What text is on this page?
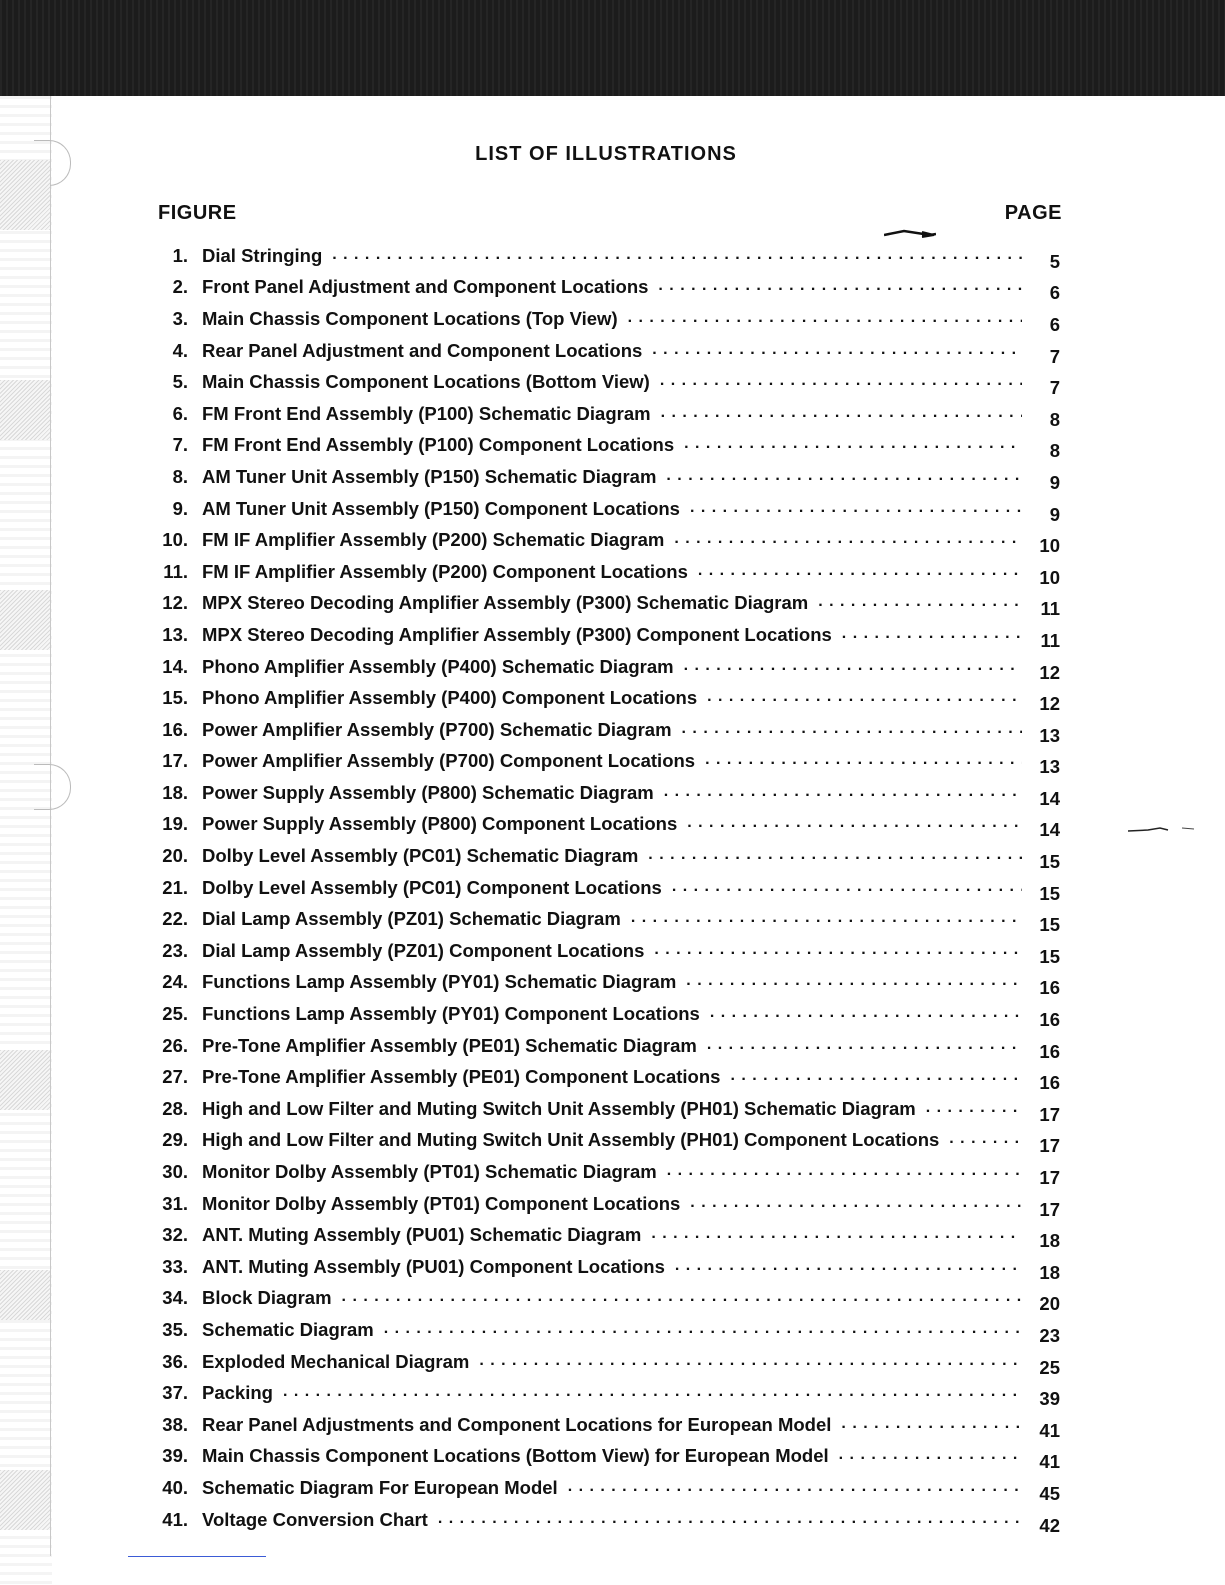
LIST OF ILLUSTRATIONS
FIGURE	PAGE
1. Dial Stringing . . .	5
2. Front Panel Adjustment and Component Locations . . .	6
3. Main Chassis Component Locations (Top View) . . .	6
4. Rear Panel Adjustment and Component Locations . . .	7
5. Main Chassis Component Locations (Bottom View) . . .	7
6. FM Front End Assembly (P100) Schematic Diagram . . .	8
7. FM Front End Assembly (P100) Component Locations . . .	8
8. AM Tuner Unit Assembly (P150) Schematic Diagram . . .	9
9. AM Tuner Unit Assembly (P150) Component Locations . . .	9
10. FM IF Amplifier Assembly (P200) Schematic Diagram . . .	10
11. FM IF Amplifier Assembly (P200) Component Locations . . .	10
12. MPX Stereo Decoding Amplifier Assembly (P300) Schematic Diagram . . .	11
13. MPX Stereo Decoding Amplifier Assembly (P300) Component Locations . . .	11
14. Phono Amplifier Assembly (P400) Schematic Diagram . . .	12
15. Phono Amplifier Assembly (P400) Component Locations . . .	12
16. Power Amplifier Assembly (P700) Schematic Diagram . . .	13
17. Power Amplifier Assembly (P700) Component Locations . . .	13
18. Power Supply Assembly (P800) Schematic Diagram . . .	14
19. Power Supply Assembly (P800) Component Locations . . .	14
20. Dolby Level Assembly (PC01) Schematic Diagram . . .	15
21. Dolby Level Assembly (PC01) Component Locations . . .	15
22. Dial Lamp Assembly (PZ01) Schematic Diagram . . .	15
23. Dial Lamp Assembly (PZ01) Component Locations . . .	15
24. Functions Lamp Assembly (PY01) Schematic Diagram . . .	16
25. Functions Lamp Assembly (PY01) Component Locations . . .	16
26. Pre-Tone Amplifier Assembly (PE01) Schematic Diagram . . .	16
27. Pre-Tone Amplifier Assembly (PE01) Component Locations . . .	16
28. High and Low Filter and Muting Switch Unit Assembly (PH01) Schematic Diagram . . .	17
29. High and Low Filter and Muting Switch Unit Assembly (PH01) Component Locations . . .	17
30. Monitor Dolby Assembly (PT01) Schematic Diagram . . .	17
31. Monitor Dolby Assembly (PT01) Component Locations . . .	17
32. ANT. Muting Assembly (PU01) Schematic Diagram . . .	18
33. ANT. Muting Assembly (PU01) Component Locations . . .	18
34. Block Diagram . . .	20
35. Schematic Diagram . . .	23
36. Exploded Mechanical Diagram . . .	25
37. Packing . . .	39
38. Rear Panel Adjustments and Component Locations for European Model . . .	41
39. Main Chassis Component Locations (Bottom View) for European Model . . .	41
40. Schematic Diagram For European Model . . .	45
41. Voltage Conversion Chart . . .	42
